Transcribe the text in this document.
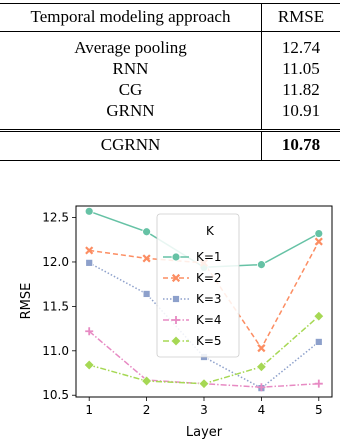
Temporal modeling approach	RMSE
Average pooling	12.74
RNN	11.05
CG	11.82
GRNN	10.91
CGRNN	10.78
1	2	3	4	5
10.5
11.0
11.5
12.0
12.5
Layer
RMSE
K
K=1
K=2
K=3
K=4
K=5
